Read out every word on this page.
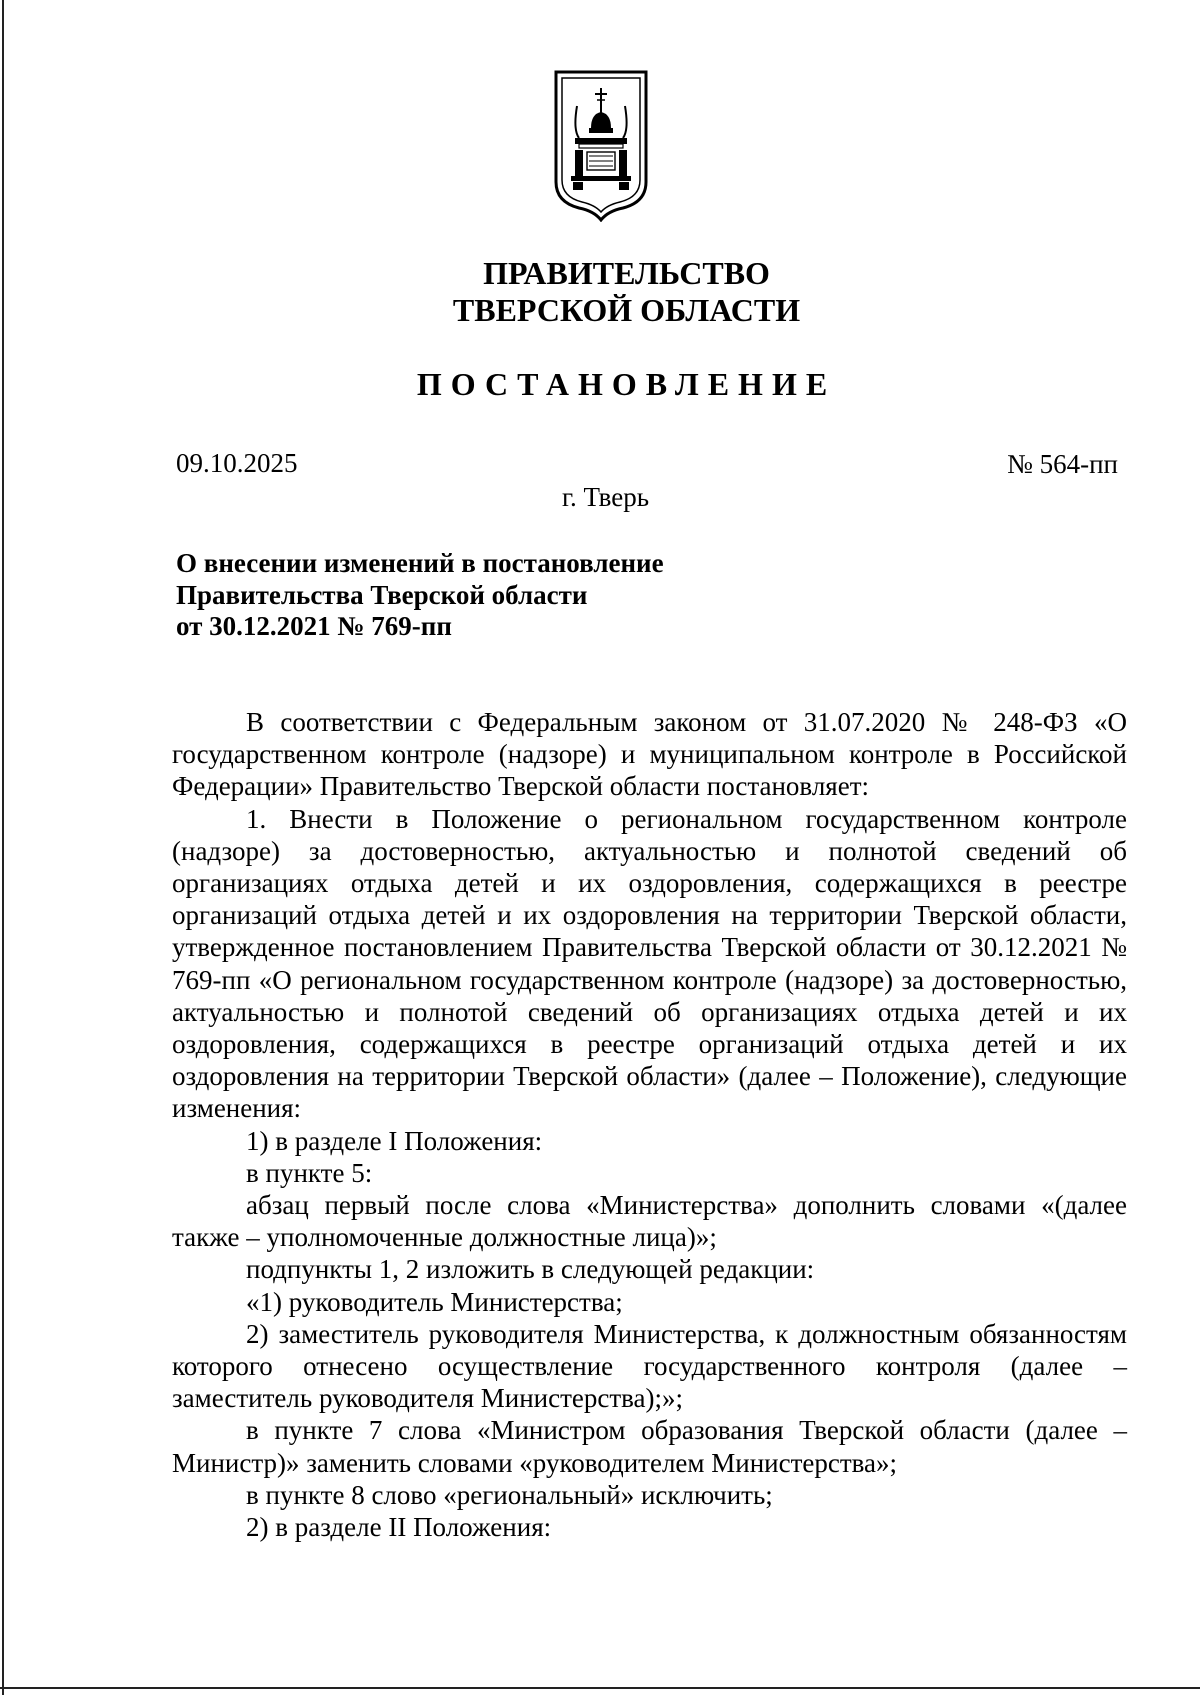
ПРАВИТЕЛЬСТВО
ТВЕРСКОЙ ОБЛАСТИ
ПОСТАНОВЛЕНИЕ
09.10.2025	№ 564-пп
г. Тверь
О внесении изменений в постановление
Правительства Тверской области
от 30.12.2021 № 769-пп

В соответствии с Федеральным законом от 31.07.2020 № 248-ФЗ «О государственном контроле (надзоре) и муниципальном контроле в Российской Федерации» Правительство Тверской области постановляет:

1. Внести в Положение о региональном государственном контроле (надзоре) за достоверностью, актуальностью и полнотой сведений об организациях отдыха детей и их оздоровления, содержащихся в реестре организаций отдыха детей и их оздоровления на территории Тверской области, утвержденное постановлением Правительства Тверской области от 30.12.2021 № 769-пп «О региональном государственном контроле (надзоре) за достоверностью, актуальностью и полнотой сведений об организациях отдыха детей и их оздоровления, содержащихся в реестре организаций отдыха детей и их оздоровления на территории Тверской области» (далее – Положение), следующие изменения:

1) в разделе I Положения:

в пункте 5:

абзац первый после слова «Министерства» дополнить словами «(далее также – уполномоченные должностные лица)»;

подпункты 1, 2 изложить в следующей редакции:

«1) руководитель Министерства;

2) заместитель руководителя Министерства, к должностным обязанностям которого отнесено осуществление государственного контроля (далее – заместитель руководителя Министерства);»;

в пункте 7 слова «Министром образования Тверской области (далее – Министр)» заменить словами «руководителем Министерства»;

в пункте 8 слово «региональный» исключить;

2) в разделе II Положения:
